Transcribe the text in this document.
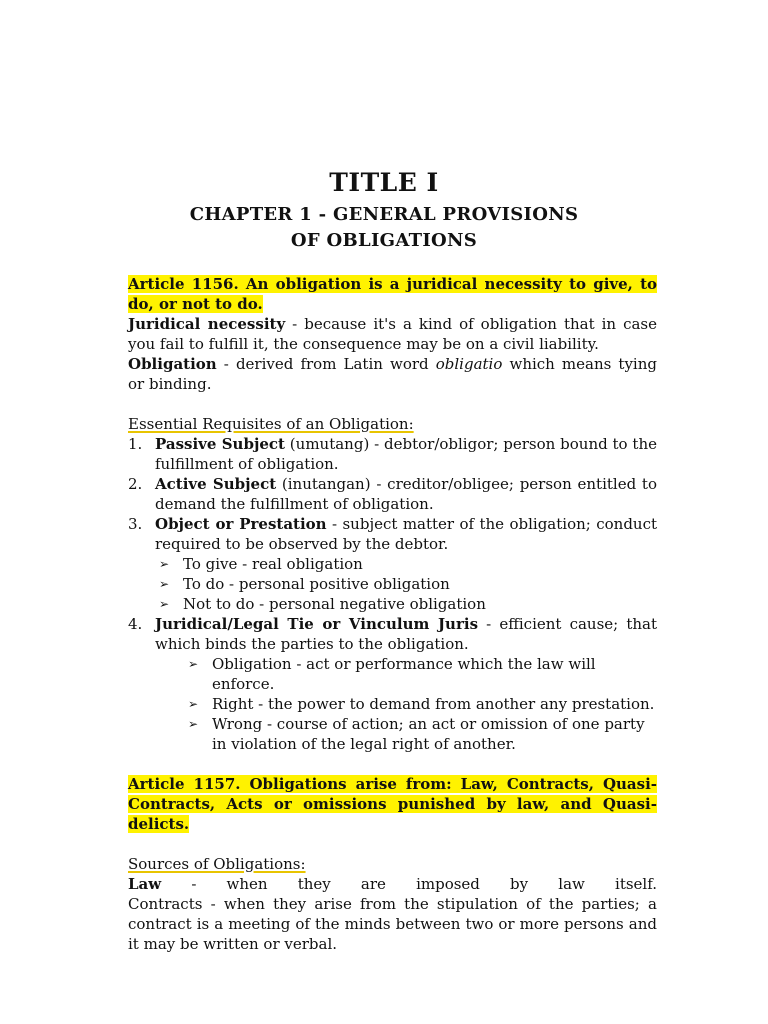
TITLE I
CHAPTER 1 - GENERAL PROVISIONS OF OBLIGATIONS

Article 1156. An obligation is a juridical necessity to give, to do, or not to do.

Juridical necessity - because it's a kind of obligation that in case you fail to fulfill it, the consequence may be on a civil liability.

Obligation - derived from Latin word obligatio which means tying or binding.

Essential Requisites of an Obligation:

1. Passive Subject (umutang) - debtor/obligor; person bound to the fulfillment of obligation.
2. Active Subject (inutangan) - creditor/obligee; person entitled to demand the fulfillment of obligation.
3. Object or Prestation - subject matter of the obligation; conduct required to be observed by the debtor.
➢ To give - real obligation
➢ To do - personal positive obligation
➢ Not to do - personal negative obligation
4. Juridical/Legal Tie or Vinculum Juris - efficient cause; that which binds the parties to the obligation.
➢ Obligation - act or performance which the law will enforce.
➢ Right - the power to demand from another any prestation.
➢ Wrong - course of action; an act or omission of one party in violation of the legal right of another.

Article 1157. Obligations arise from: Law, Contracts, Quasi-Contracts, Acts or omissions punished by law, and Quasi-delicts.

Sources of Obligations:

Law - when they are imposed by law itself.

Contracts - when they arise from the stipulation of the parties; a contract is a meeting of the minds between two or more persons and it may be written or verbal.
